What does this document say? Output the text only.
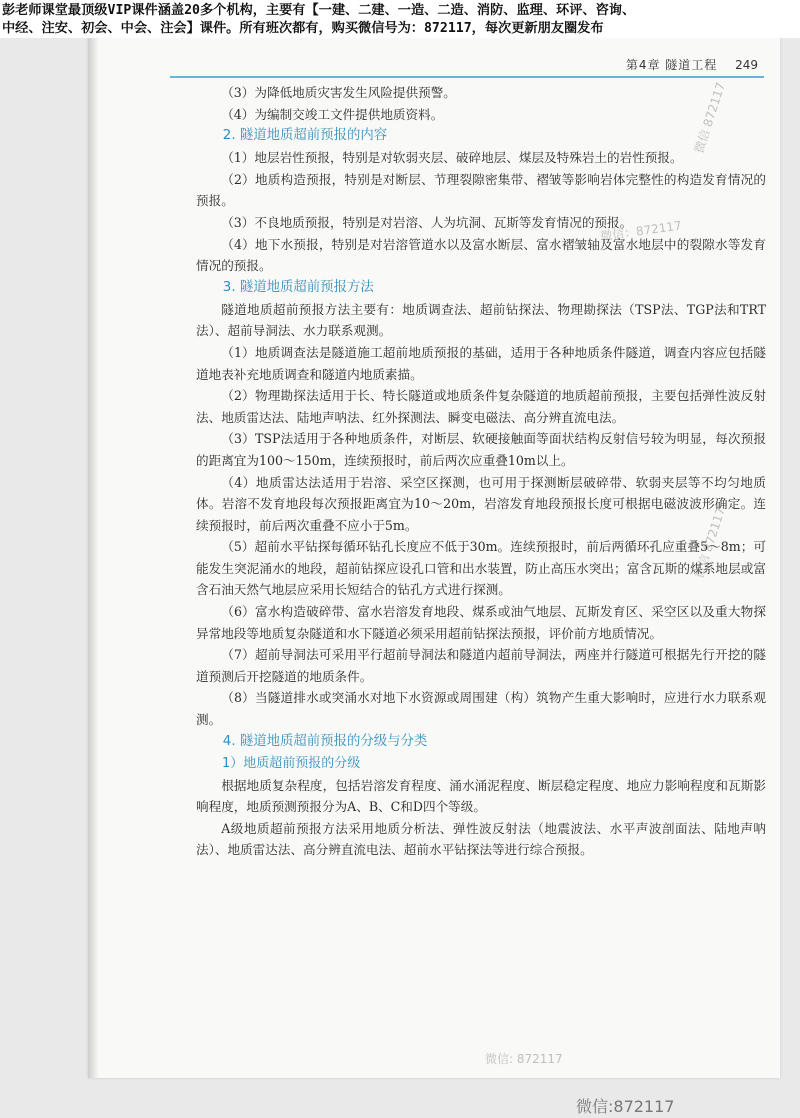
彭老师课堂最顶级VIP课件涵盖20多个机构，主要有【一建、二建、一造、二造、消防、监理、环评、咨询、
中经、注安、初会、中会、注会】课件。所有班次都有，购买微信号为：872117，每次更新朋友圈发布
第4章 隧道工程 249

（3）为降低地质灾害发生风险提供预警。

（4）为编制交竣工文件提供地质资料。

2. 隧道地质超前预报的内容

（1）地层岩性预报，特别是对软弱夹层、破碎地层、煤层及特殊岩土的岩性预报。

（2）地质构造预报，特别是对断层、节理裂隙密集带、褶皱等影响岩体完整性的构造发育情况的预报。

（3）不良地质预报，特别是对岩溶、人为坑洞、瓦斯等发育情况的预报。

（4）地下水预报，特别是对岩溶管道水以及富水断层、富水褶皱轴及富水地层中的裂隙水等发育情况的预报。

3. 隧道地质超前预报方法

隧道地质超前预报方法主要有：地质调查法、超前钻探法、物理勘探法（TSP法、TGP法和TRT法）、超前导洞法、水力联系观测。

（1）地质调查法是隧道施工超前地质预报的基础，适用于各种地质条件隧道，调查内容应包括隧道地表补充地质调查和隧道内地质素描。

（2）物理勘探法适用于长、特长隧道或地质条件复杂隧道的地质超前预报，主要包括弹性波反射法、地质雷达法、陆地声呐法、红外探测法、瞬变电磁法、高分辨直流电法。

（3）TSP法适用于各种地质条件，对断层、软硬接触面等面状结构反射信号较为明显，每次预报的距离宜为100～150m，连续预报时，前后两次应重叠10m以上。

（4）地质雷达法适用于岩溶、采空区探测，也可用于探测断层破碎带、软弱夹层等不均匀地质体。岩溶不发育地段每次预报距离宜为10～20m，岩溶发育地段预报长度可根据电磁波波形确定。连续预报时，前后两次重叠不应小于5m。

（5）超前水平钻探每循环钻孔长度应不低于30m。连续预报时，前后两循环孔应重叠5～8m；可能发生突泥涌水的地段，超前钻探应设孔口管和出水装置，防止高压水突出；富含瓦斯的煤系地层或富含石油天然气地层应采用长短结合的钻孔方式进行探测。

（6）富水构造破碎带、富水岩溶发育地段、煤系或油气地层、瓦斯发育区、采空区以及重大物探异常地段等地质复杂隧道和水下隧道必须采用超前钻探法预报，评价前方地质情况。

（7）超前导洞法可采用平行超前导洞法和隧道内超前导洞法，两座并行隧道可根据先行开挖的隧道预测后开挖隧道的地质条件。

（8）当隧道排水或突涌水对地下水资源或周围建（构）筑物产生重大影响时，应进行水力联系观测。

4. 隧道地质超前预报的分级与分类
1）地质超前预报的分级

根据地质复杂程度，包括岩溶发育程度、涌水涌泥程度、断层稳定程度、地应力影响程度和瓦斯影响程度，地质预测预报分为A、B、C和D四个等级。

A级地质超前预报方法采用地质分析法、弹性波反射法（地震波法、水平声波剖面法、陆地声呐法）、地质雷达法、高分辨直流电法、超前水平钻探法等进行综合预报。

微信 872117
微信：872117
微信 872117
微信: 872117
微信:872117
